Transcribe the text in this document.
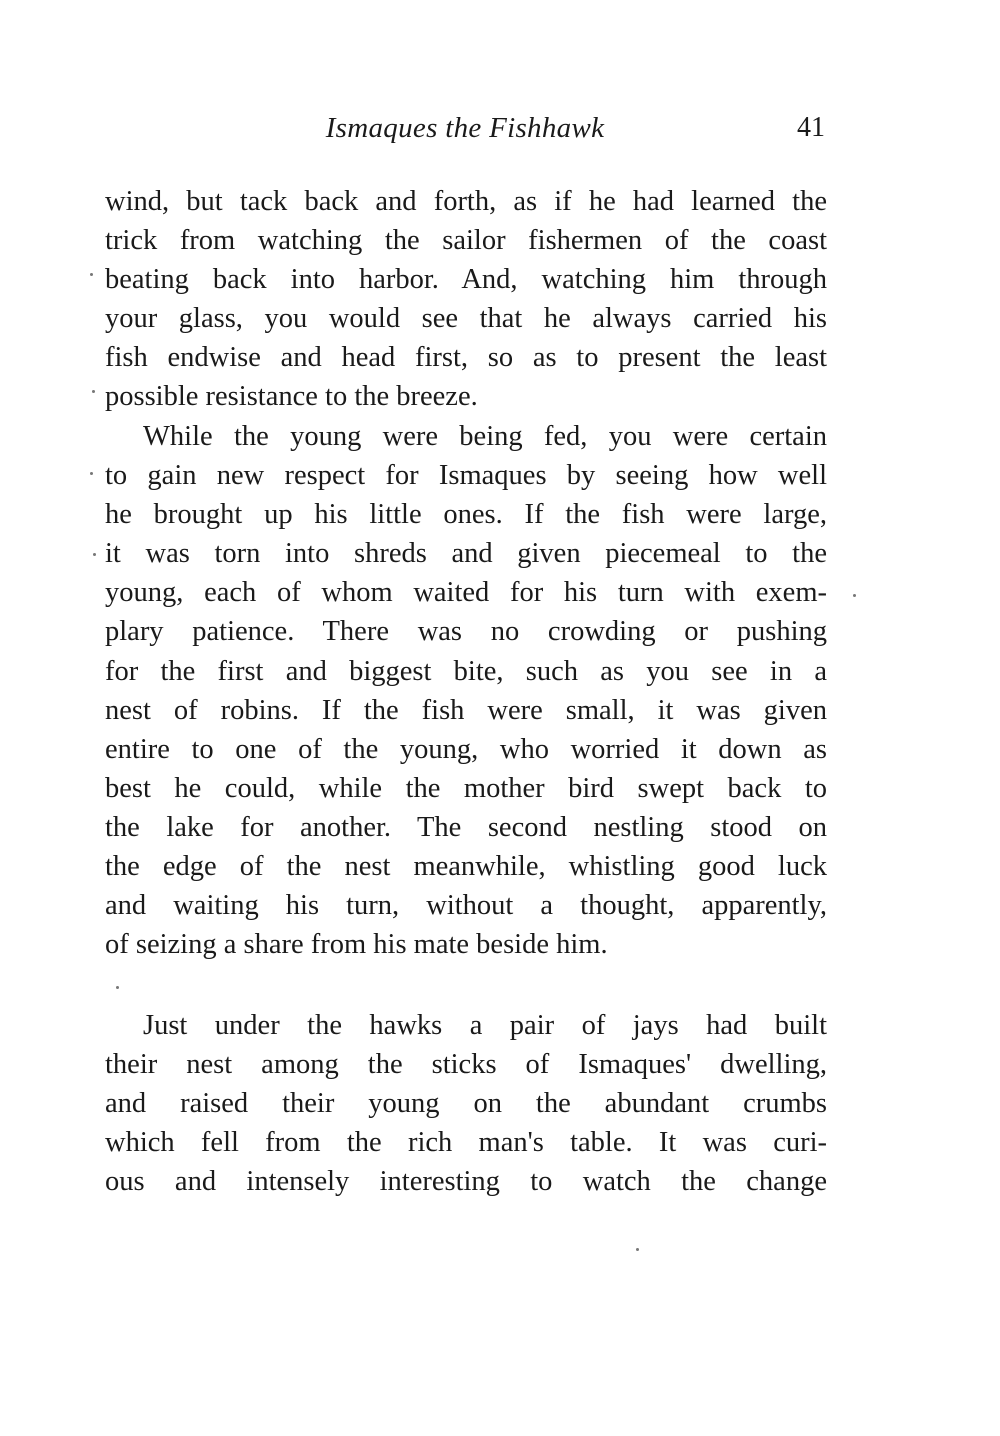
Ismaques the Fishhawk	41
wind, but tack back and forth, as if he had learned the
trick from watching the sailor fishermen of the coast
beating back into harbor. And, watching him through
your glass, you would see that he always carried his
fish endwise and head first, so as to present the least
possible resistance to the breeze.
While the young were being fed, you were certain
to gain new respect for Ismaques by seeing how well
he brought up his little ones. If the fish were large,
it was torn into shreds and given piecemeal to the
young, each of whom waited for his turn with exem-
plary patience. There was no crowding or pushing
for the first and biggest bite, such as you see in a
nest of robins. If the fish were small, it was given
entire to one of the young, who worried it down as
best he could, while the mother bird swept back to
the lake for another. The second nestling stood on
the edge of the nest meanwhile, whistling good luck
and waiting his turn, without a thought, apparently,
of seizing a share from his mate beside him.
Just under the hawks a pair of jays had built
their nest among the sticks of Ismaques' dwelling,
and raised their young on the abundant crumbs
which fell from the rich man's table. It was curi-
ous and intensely interesting to watch the change
